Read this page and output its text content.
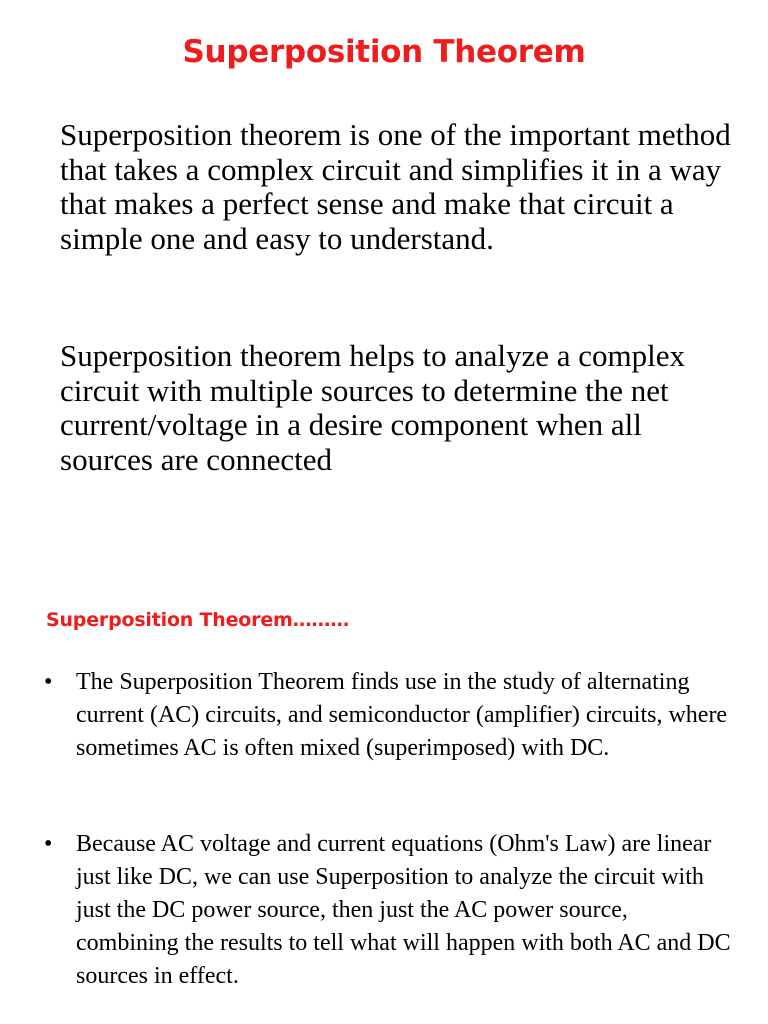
Superposition Theorem

Superposition theorem is one of the important method that takes a complex circuit and simplifies it in a way that makes a perfect sense and make that circuit a simple one and easy to understand.

Superposition theorem helps to analyze a complex circuit with multiple sources to determine the net current/voltage in a desire component when all sources are connected

Superposition Theorem………
• The Superposition Theorem finds use in the study of alternating current (AC) circuits, and semiconductor (amplifier) circuits, where sometimes AC is often mixed (superimposed) with DC.
• Because AC voltage and current equations (Ohm's Law) are linear just like DC, we can use Superposition to analyze the circuit with just the DC power source, then just the AC power source, combining the results to tell what will happen with both AC and DC sources in effect.
